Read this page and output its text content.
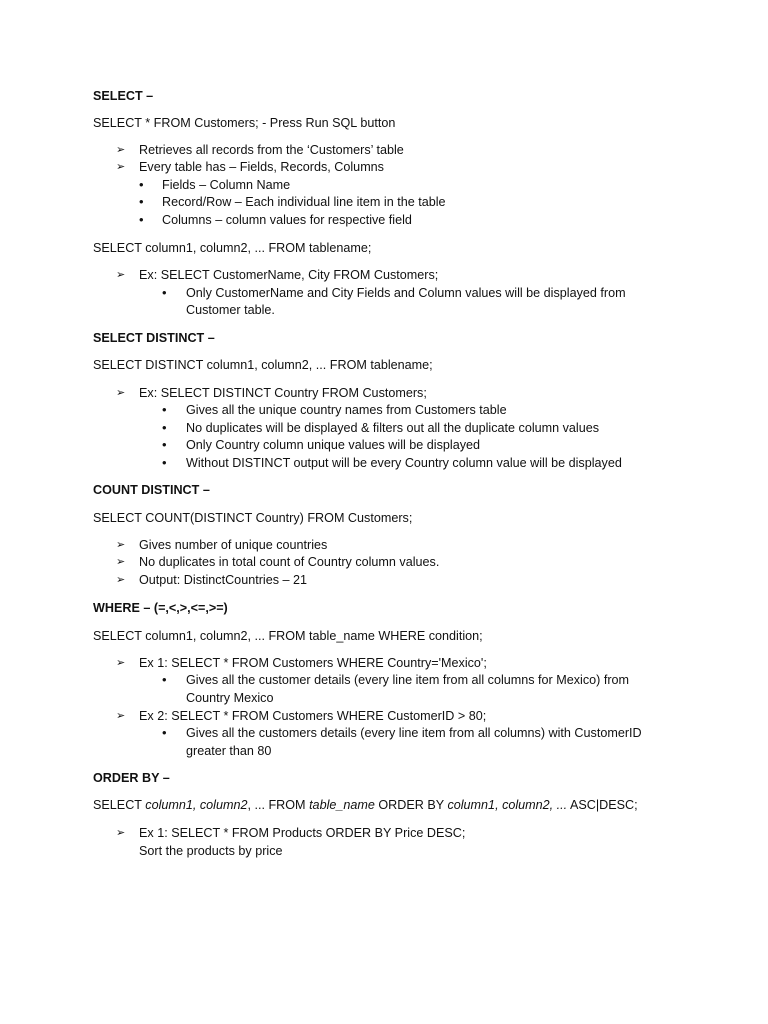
SELECT –
SELECT * FROM Customers; - Press Run SQL button
➢ Retrieves all records from the ‘Customers’ table
➢ Every table has – Fields, Records, Columns
• Fields – Column Name
• Record/Row – Each individual line item in the table
• Columns – column values for respective field
SELECT column1, column2, ... FROM tablename;
➢ Ex: SELECT CustomerName, City FROM Customers;
• Only CustomerName and City Fields and Column values will be displayed from
Customer table.
SELECT DISTINCT –
SELECT DISTINCT column1, column2, ... FROM tablename;
➢ Ex: SELECT DISTINCT Country FROM Customers;
• Gives all the unique country names from Customers table
• No duplicates will be displayed & filters out all the duplicate column values
• Only Country column unique values will be displayed
• Without DISTINCT output will be every Country column value will be displayed
COUNT DISTINCT –
SELECT COUNT(DISTINCT Country) FROM Customers;
➢ Gives number of unique countries
➢ No duplicates in total count of Country column values.
➢ Output: DistinctCountries – 21
WHERE – (=,<,>,<=,>=)
SELECT column1, column2, ... FROM table_name WHERE condition;
➢ Ex 1: SELECT * FROM Customers WHERE Country='Mexico';
• Gives all the customer details (every line item from all columns for Mexico) from
Country Mexico
➢ Ex 2: SELECT * FROM Customers WHERE CustomerID > 80;
• Gives all the customers details (every line item from all columns) with CustomerID
greater than 80
ORDER BY –
SELECT column1, column2, ... FROM table_name ORDER BY column1, column2, ... ASC|DESC;
➢ Ex 1: SELECT * FROM Products ORDER BY Price DESC;
Sort the products by price
